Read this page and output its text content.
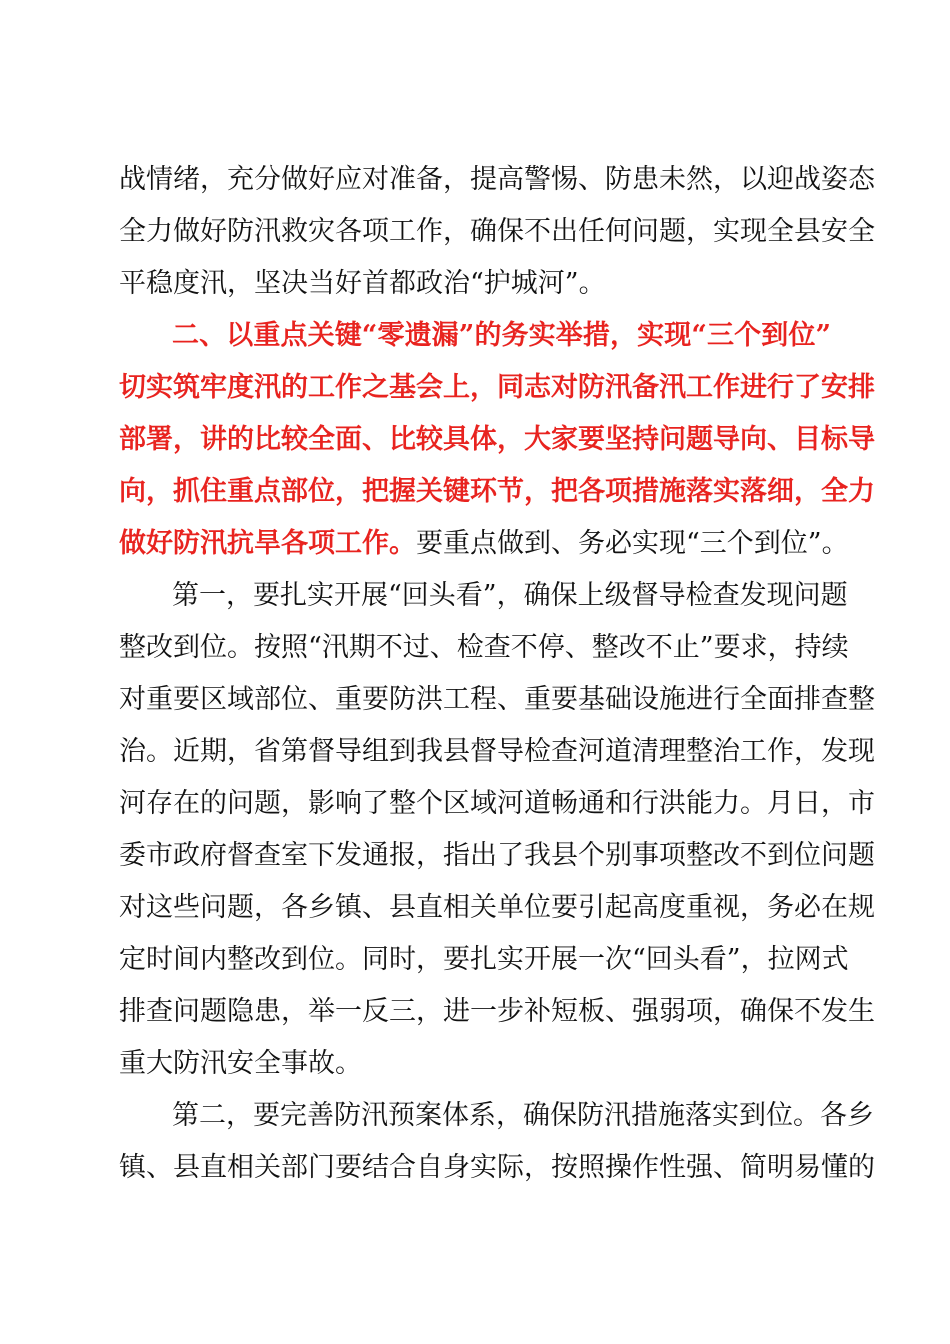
战情绪，充分做好应对准备，提高警惕、防患未然，以迎战姿态
全力做好防汛救灾各项工作，确保不出任何问题，实现全县安全
平稳度汛，坚决当好首都政治“护城河”。
二、以重点关键“零遗漏”的务实举措，实现“三个到位”
切实筑牢度汛的工作之基会上，同志对防汛备汛工作进行了安排
部署，讲的比较全面、比较具体，大家要坚持问题导向、目标导
向，抓住重点部位，把握关键环节，把各项措施落实落细，全力
做好防汛抗旱各项工作。要重点做到、务必实现“三个到位”。
第一，要扎实开展“回头看”，确保上级督导检查发现问题
整改到位。按照“汛期不过、检查不停、整改不止”要求，持续
对重要区域部位、重要防洪工程、重要基础设施进行全面排查整
治。近期，省第督导组到我县督导检查河道清理整治工作，发现
河存在的问题，影响了整个区域河道畅通和行洪能力。月日，市
委市政府督查室下发通报，指出了我县个别事项整改不到位问题
对这些问题，各乡镇、县直相关单位要引起高度重视，务必在规
定时间内整改到位。同时，要扎实开展一次“回头看”，拉网式
排查问题隐患，举一反三，进一步补短板、强弱项，确保不发生
重大防汛安全事故。
第二，要完善防汛预案体系，确保防汛措施落实到位。各乡
镇、县直相关部门要结合自身实际，按照操作性强、简明易懂的
